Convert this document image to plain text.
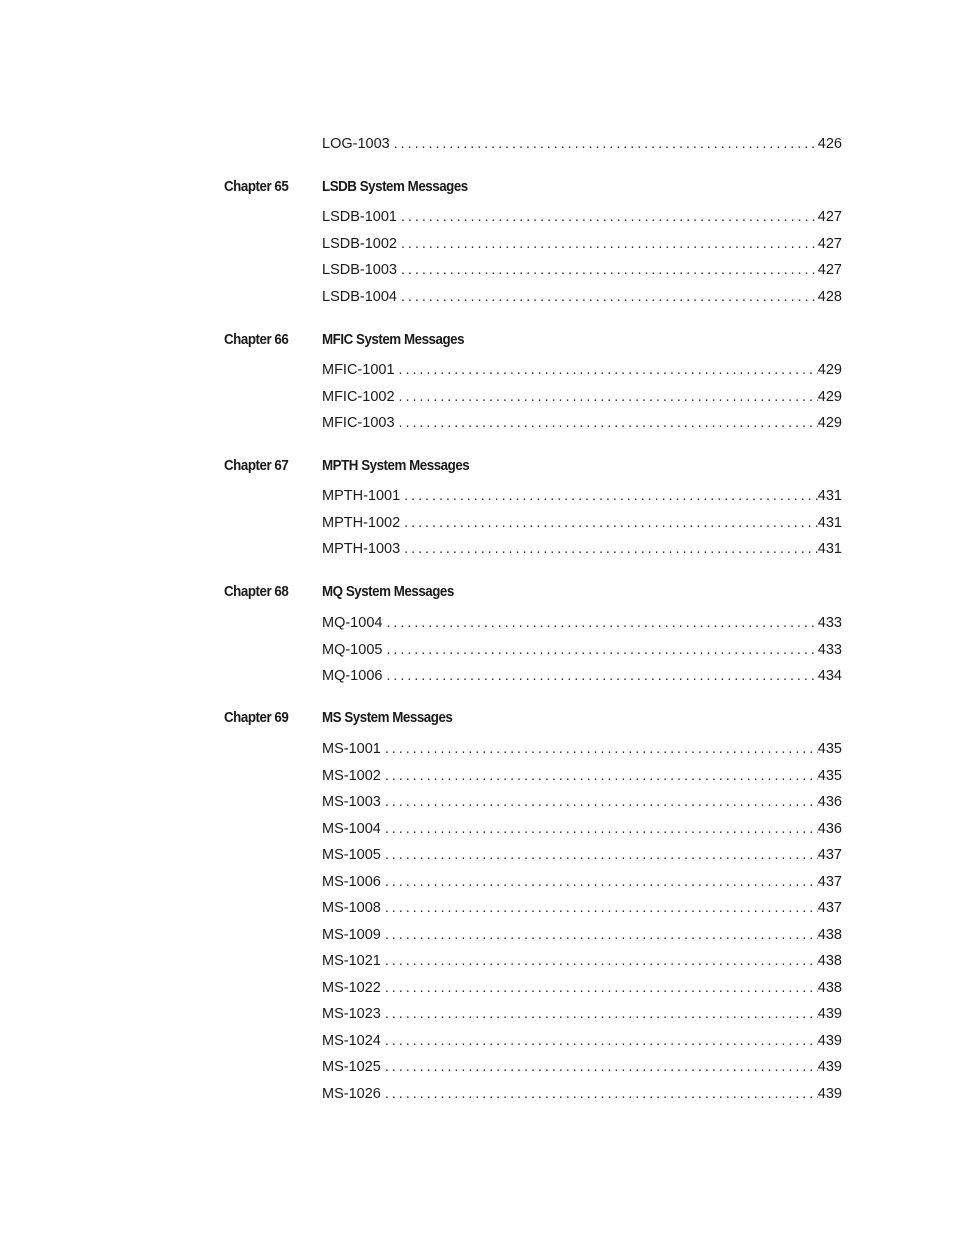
LOG-1003 . . .	426
Chapter 65 LSDB System Messages
LSDB-1001 . . .	427
LSDB-1002 . . .	427
LSDB-1003 . . .	427
LSDB-1004 . . .	428
Chapter 66 MFIC System Messages
MFIC-1001 . . .	429
MFIC-1002 . . .	429
MFIC-1003 . . .	429
Chapter 67 MPTH System Messages
MPTH-1001 . . .	431
MPTH-1002 . . .	431
MPTH-1003 . . .	431
Chapter 68 MQ System Messages
MQ-1004 . . .	433
MQ-1005 . . .	433
MQ-1006 . . .	434
Chapter 69 MS System Messages
MS-1001 . . .	435
MS-1002 . . .	435
MS-1003 . . .	436
MS-1004 . . .	436
MS-1005 . . .	437
MS-1006 . . .	437
MS-1008 . . .	437
MS-1009 . . .	438
MS-1021 . . .	438
MS-1022 . . .	438
MS-1023 . . .	439
MS-1024 . . .	439
MS-1025 . . .	439
MS-1026 . . .	439
